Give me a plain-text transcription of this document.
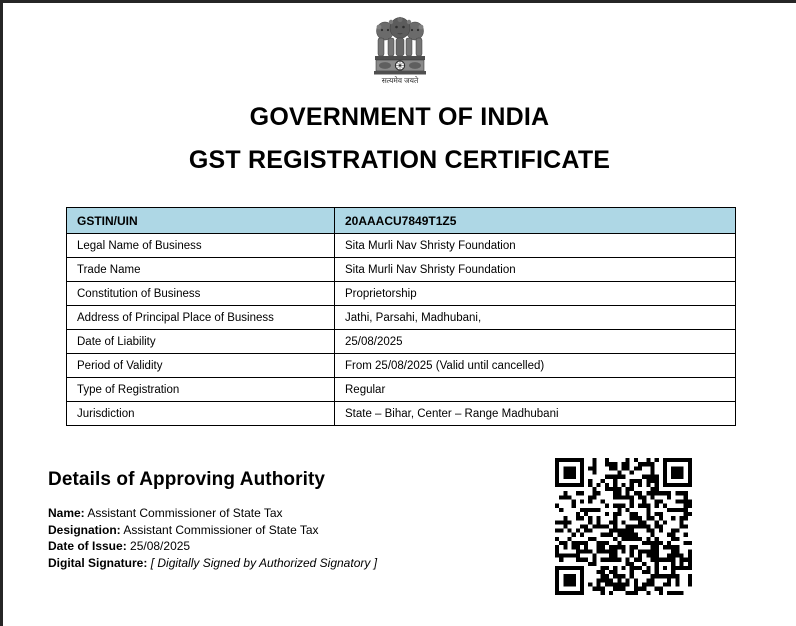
सत्यमेव जयते
GOVERNMENT OF INDIA
GST REGISTRATION CERTIFICATE
GSTIN/UIN	20AAACU7849T1Z5
Legal Name of Business	Sita Murli Nav Shristy Foundation
Trade Name	Sita Murli Nav Shristy Foundation
Constitution of Business	Proprietorship
Address of Principal Place of Business	Jathi, Parsahi, Madhubani,
Date of Liability	25/08/2025
Period of Validity	From 25/08/2025 (Valid until cancelled)
Type of Registration	Regular
Jurisdiction	State – Bihar, Center – Range Madhubani
Details of Approving Authority
Name: Assistant Commissioner of State Tax
Designation: Assistant Commissioner of State Tax
Date of Issue: 25/08/2025
Digital Signature: [ Digitally Signed by Authorized Signatory ]
